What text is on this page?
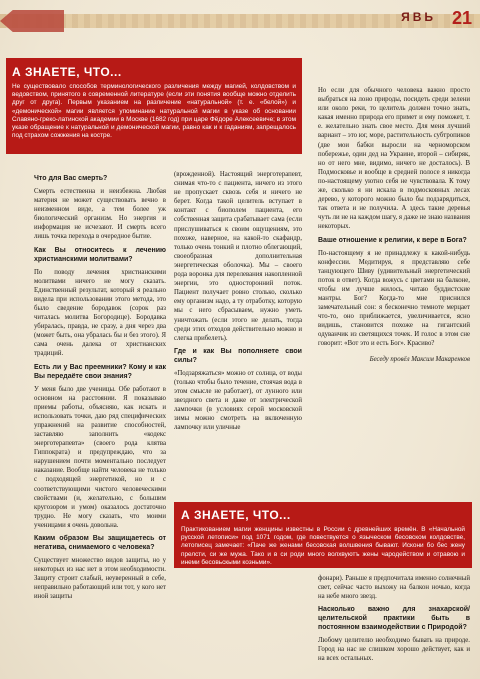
ЯВЬ 21
А ЗНАЕТЕ, ЧТО...

Не существовало способов терминологического различения между магией, колдовством и ведовством, принятого в современной литературе (если эти понятия вообще можно отделить друг от друга). Первым указанием на различение «натуральной» (т. е. «белой») и «демонической» магии является упоминание натуральной магии в указе об основании Славяно-греко-латинской академии в Москве (1682 год) при царе Фёдоре Алексеевиче; в этом указе обращение к натуральной и демонической магии, равно как и к гаданиям, запрещалось под страхом сожжения на костре.

Что для Вас смерть?

Смерть естественна и неизбежна. Любая материя не может существовать вечно в неизменном виде, а тем более уж биологический организм. Но энергия и информация не исчезают. И смерть всего лишь точка перехода в очередное бытие.

Как Вы относитесь к лечению христианскими молитвами?

По поводу лечения христианскими молитвами ничего не могу сказать. Единственный результат, который я реально видела при использовании этого метода, это было сведение бородавок (сорок раз читалась молитва Богородице). Бородавка убиралась, правда, не сразу, а дня через два (может быть, она убралась бы и без этого). Я сама очень далека от христианских традиций.

Есть ли у Вас преемники? Кому и как Вы передаёте свои знания?

У меня было две ученицы. Обе работают в основном на расстоянии. Я показываю приемы работы, объясняю, как искать и использовать точки, даю ряд специфических упражнений на развитие способностей, заставляю заполнить «кодекс энерготерапевта» (своего рода клятва Гиппократа) и предупреждаю, что за нарушением почти моментально последует наказание. Вообще найти человека не только с подходящей энергетикой, но и с соответствующими чистого человеческими свойствами (и, желательно, с большим кругозором и умом) оказалось достаточно трудно. Не могу сказать, что моими ученицами я очень довольна.

Каким образом Вы защищаетесь от негатива, снимаемого с человека?

Существует множество видов защиты, но у некоторых из нас нет в этом необходимости. Защиту строит слабый, неуверенный в себе, неправильно работающий или тот, у кого нет иной защиты

(врожденной). Настоящий энерготерапевт, снимая что-то с пациента, ничего из этого не пропускает сквозь себя и ничего не берет. Когда такой целитель вступает в контакт с биополем пациента, его собственная защита срабатывает сама (если прислушиваться к своим ощущениям, это похоже, наверное, на какой-то скафандр, только очень тонкий и плотно облегающий, своеобразная дополнительная энергетическая оболочка). Мы – своего рода воронка для перелевания накопленной энергии, это односторонний поток. Пациент получает ровно столько, сколько ему организм надо, а ту отработку, которую мы с него сбрасываем, нужно уметь уничтожать (если этого не делать, тогда среди этих отходов действительно можно и слегка прибелеть).

Где и как Вы пополняете свои силы?

«Подзаряжаться» можно от солнца, от воды (только чтобы было течение, стоячая вода в этом смысле не работает), от лунного или звездного света и даже от электрической лампочки (в условиях серой московской зимы можно смотреть на включенную лампочку или уличные

Но если для обычного человека важно просто выбраться на лоно природы, посидеть среди зелени или около реки, то целитель должен точно знать, какая именно природа его примет и ему поможет, т. е. желательно знать свое место. Для меня лучший вариант – это юг, море, растительность субтропиков (две мои бабки выросли на черноморском побережье, один дед на Украине, второй – сибиряк, но от него мне, видимо, ничего не досталось). В Подмосковье и вообще в средней полосе я никогда по-настоящему уютно себя не чувствовала. К тому же, сколько я ни искала в подмосковных лесах дерево, у которого можно было бы подзарядиться, так ответа и не получила. А здесь такие деревья чуть ли не на каждом шагу, я даже не знаю названия некоторых.

Ваше отношение к религии, к вере в Бога?

По-настоящему я не принадлежу к какой-нибудь конфессии. Медитируя, я представляю себе танцующего Шиву (удивительный энергетический поток в ответ). Когда вожусь с цветами на балконе, чтобы им лучше жилось, читаю буддистские мантры. Бог? Когда-то мне приснился замечательный сон: я бесконечно темноте мерцает что-то, оно приближается, увеличивается, ясно видишь, становится похоже на гигантский одуванчик из светящихся точек. И голос в этом сне говорит: «Вот это и есть Бог». Красиво?

Беседу провёл Максим Макаренков

А ЗНАЕТЕ, ЧТО...

Практикованием магии женщины известны в России с древнейших времён. В «Начальной русской летописи» под 1071 годом, где повествуется о языческом бесовском колдовстве, летописец замечает: «Паче же женами бесовская волшвения бывают. Искони бо бес жену прелсти, си же мужа. Тако и в си роди много волхвуютъ жены чародейством и отравою и инеми бесовьскыми козньми».

фонари). Раньше я предпочитала именно солнечный свет, сейчас часто выхожу на балкон ночью, когда на небе много звезд.

Насколько важно для знахарской/целительской практики быть в постоянном взаимодействии с Природой?

Любому целителю необходимо бывать на природе. Город на нас не слишком хорошо действует, как и на всех остальных.
